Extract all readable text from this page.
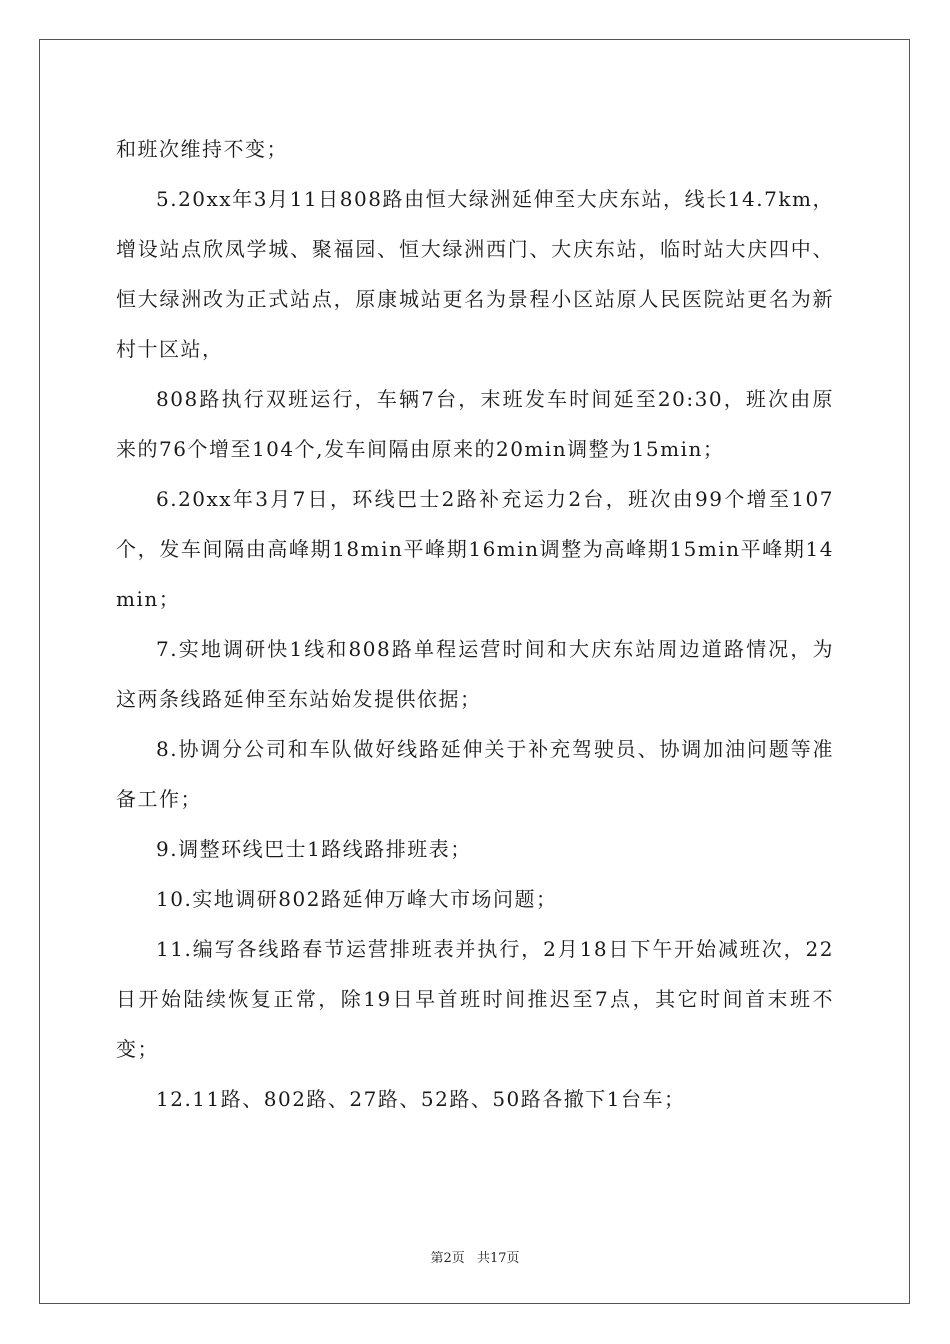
和班次维持不变；

5.20xx年3月11日808路由恒大绿洲延伸至大庆东站，线长14.7km，增设站点欣凤学城、聚福园、恒大绿洲西门、大庆东站，临时站大庆四中、恒大绿洲改为正式站点，原康城站更名为景程小区站原人民医院站更名为新村十区站，

808路执行双班运行，车辆7台，末班发车时间延至20:30，班次由原来的76个增至104个,发车间隔由原来的20min调整为15min；

6.20xx年3月7日，环线巴士2路补充运力2台，班次由99个增至107个，发车间隔由高峰期18min平峰期16min调整为高峰期15min平峰期14min；

7.实地调研快1线和808路单程运营时间和大庆东站周边道路情况，为这两条线路延伸至东站始发提供依据；

8.协调分公司和车队做好线路延伸关于补充驾驶员、协调加油问题等准备工作；

9.调整环线巴士1路线路排班表；

10.实地调研802路延伸万峰大市场问题；

11.编写各线路春节运营排班表并执行，2月18日下午开始减班次，22日开始陆续恢复正常，除19日早首班时间推迟至7点，其它时间首末班不变；

12.11路、802路、27路、52路、50路各撤下1台车；

第2页 共17页
